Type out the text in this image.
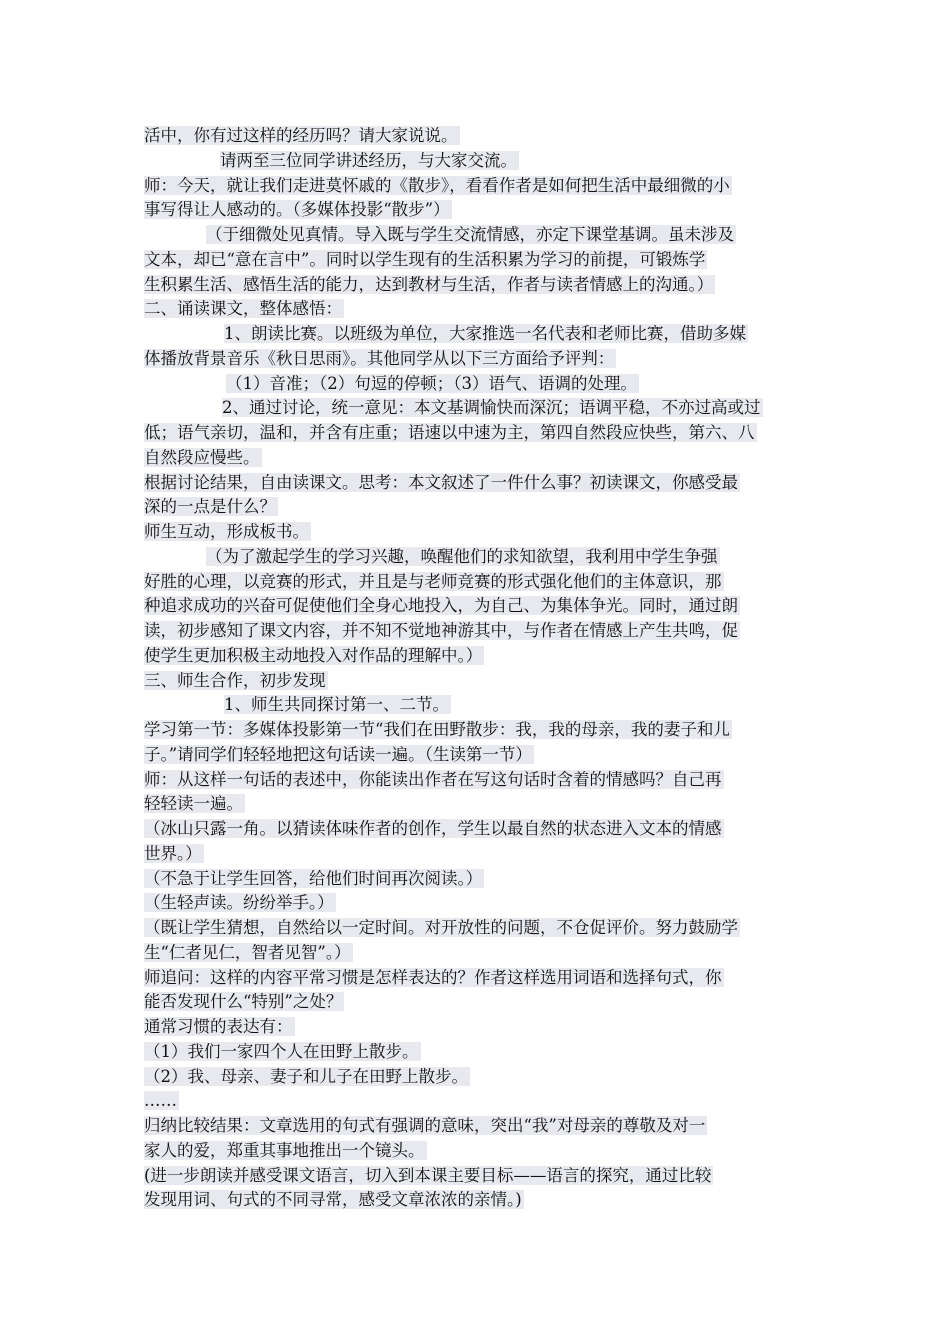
活中，你有过这样的经历吗？请大家说说。
请两至三位同学讲述经历，与大家交流。
师：今天，就让我们走进莫怀戚的《散步》，看看作者是如何把生活中最细微的小
事写得让人感动的。（多媒体投影“散步”）
（于细微处见真情。导入既与学生交流情感，亦定下课堂基调。虽未涉及
文本，却已“意在言中”。同时以学生现有的生活积累为学习的前提，可锻炼学
生积累生活、感悟生活的能力，达到教材与生活，作者与读者情感上的沟通。）
二、诵读课文，整体感悟：
1、朗读比赛。以班级为单位，大家推选一名代表和老师比赛，借助多媒
体播放背景音乐《秋日思雨》。其他同学从以下三方面给予评判：
（1）音准；（2）句逗的停顿；（3）语气、语调的处理。
2、通过讨论，统一意见：本文基调愉快而深沉；语调平稳，不亦过高或过
低；语气亲切，温和，并含有庄重；语速以中速为主，第四自然段应快些，第六、八
自然段应慢些。
根据讨论结果，自由读课文。思考：本文叙述了一件什么事？初读课文，你感受最
深的一点是什么？
师生互动，形成板书。
（为了激起学生的学习兴趣，唤醒他们的求知欲望，我利用中学生争强
好胜的心理，以竞赛的形式，并且是与老师竞赛的形式强化他们的主体意识，那
种追求成功的兴奋可促使他们全身心地投入，为自己、为集体争光。同时，通过朗
读，初步感知了课文内容，并不知不觉地神游其中，与作者在情感上产生共鸣，促
使学生更加积极主动地投入对作品的理解中。）
三、师生合作，初步发现
1、师生共同探讨第一、二节。
学习第一节：多媒体投影第一节“我们在田野散步：我，我的母亲，我的妻子和儿
子。”请同学们轻轻地把这句话读一遍。（生读第一节）
师：从这样一句话的表述中，你能读出作者在写这句话时含着的情感吗？自己再
轻轻读一遍。
（冰山只露一角。以猜读体味作者的创作，学生以最自然的状态进入文本的情感
世界。）
（不急于让学生回答，给他们时间再次阅读。）
（生轻声读。纷纷举手。）
（既让学生猜想，自然给以一定时间。对开放性的问题，不仓促评价。努力鼓励学
生“仁者见仁，智者见智”。）
师追问：这样的内容平常习惯是怎样表达的？作者这样选用词语和选择句式，你
能否发现什么“特别”之处？
通常习惯的表达有：
（1）我们一家四个人在田野上散步。
（2）我、母亲、妻子和儿子在田野上散步。
……
归纳比较结果：文章选用的句式有强调的意味，突出“我”对母亲的尊敬及对一
家人的爱，郑重其事地推出一个镜头。
(进一步朗读并感受课文语言，切入到本课主要目标——语言的探究，通过比较
发现用词、句式的不同寻常，感受文章浓浓的亲情。)
